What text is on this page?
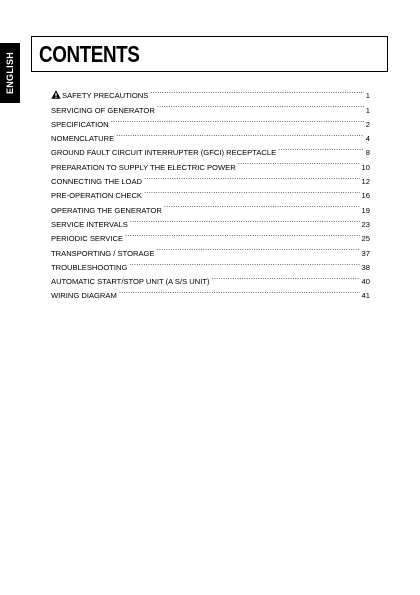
ENGLISH CONTENTS
SAFETY PRECAUTIONS .....	1
SERVICING OF GENERATOR .....	1
SPECIFICATION .....	2
NOMENCLATURE .....	4
GROUND FAULT CIRCUIT INTERRUPTER (GFCI) RECEPTACLE .....	8
PREPARATION TO SUPPLY THE ELECTRIC POWER .....	10
CONNECTING THE LOAD .....	12
PRE-OPERATION CHECK .....	16
OPERATING THE GENERATOR .....	19
SERVICE INTERVALS .....	23
PERIODIC SERVICE .....	25
TRANSPORTING / STORAGE .....	37
TROUBLESHOOTING .....	38
AUTOMATIC START/STOP UNIT (A S/S UNIT) .....	40
WIRING DIAGRAM .....	41
